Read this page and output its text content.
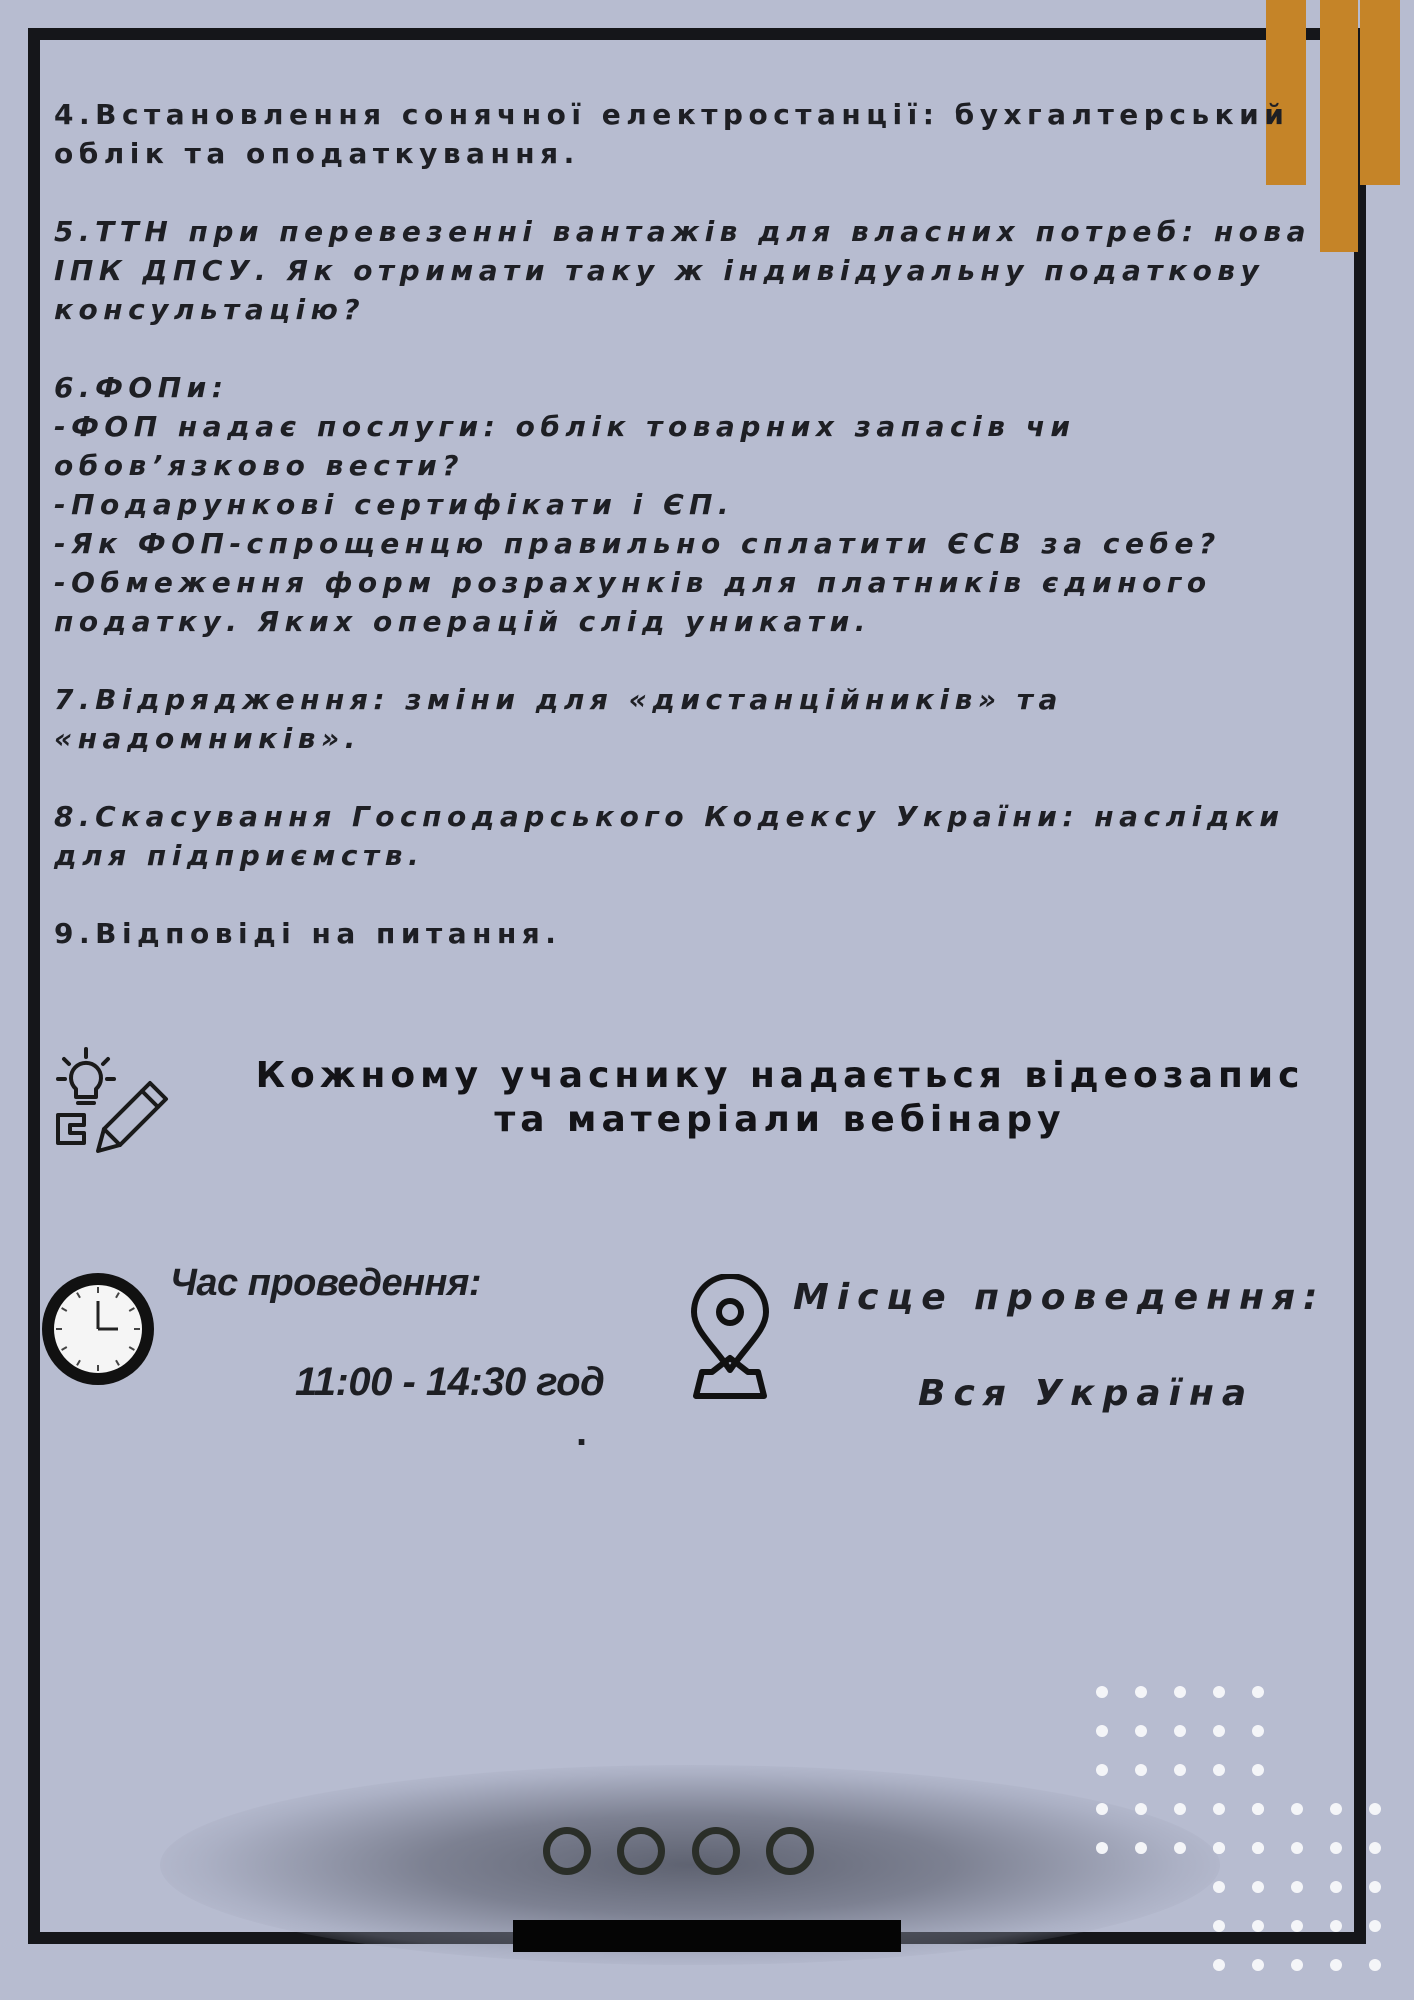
4.Встановлення сонячної електростанції: бухгалтерський
облік та оподаткування.
5.ТТН при перевезенні вантажів для власних потреб: нова
ІПК ДПСУ. Як отримати таку ж індивідуальну податкову
консультацію?
6.ФОПи:
-ФОП надає послуги: облік товарних запасів чи
обов’язково вести?
-Подарункові сертифікати і ЄП.
-Як ФОП-спрощенцю правильно сплатити ЄСВ за себе?
-Обмеження форм розрахунків для платників єдиного
податку. Яких операцій слід уникати.
7.Відрядження: зміни для «дистанційників» та
«надомників».
8.Скасування Господарського Кодексу України: наслідки
для підприємств.
9.Відповіді на питання.
Кожному учаснику надається відеозапис
та матеріали вебінару
Час проведення:
11:00 - 14:30 год
.
Місце проведення:
Вся Україна
